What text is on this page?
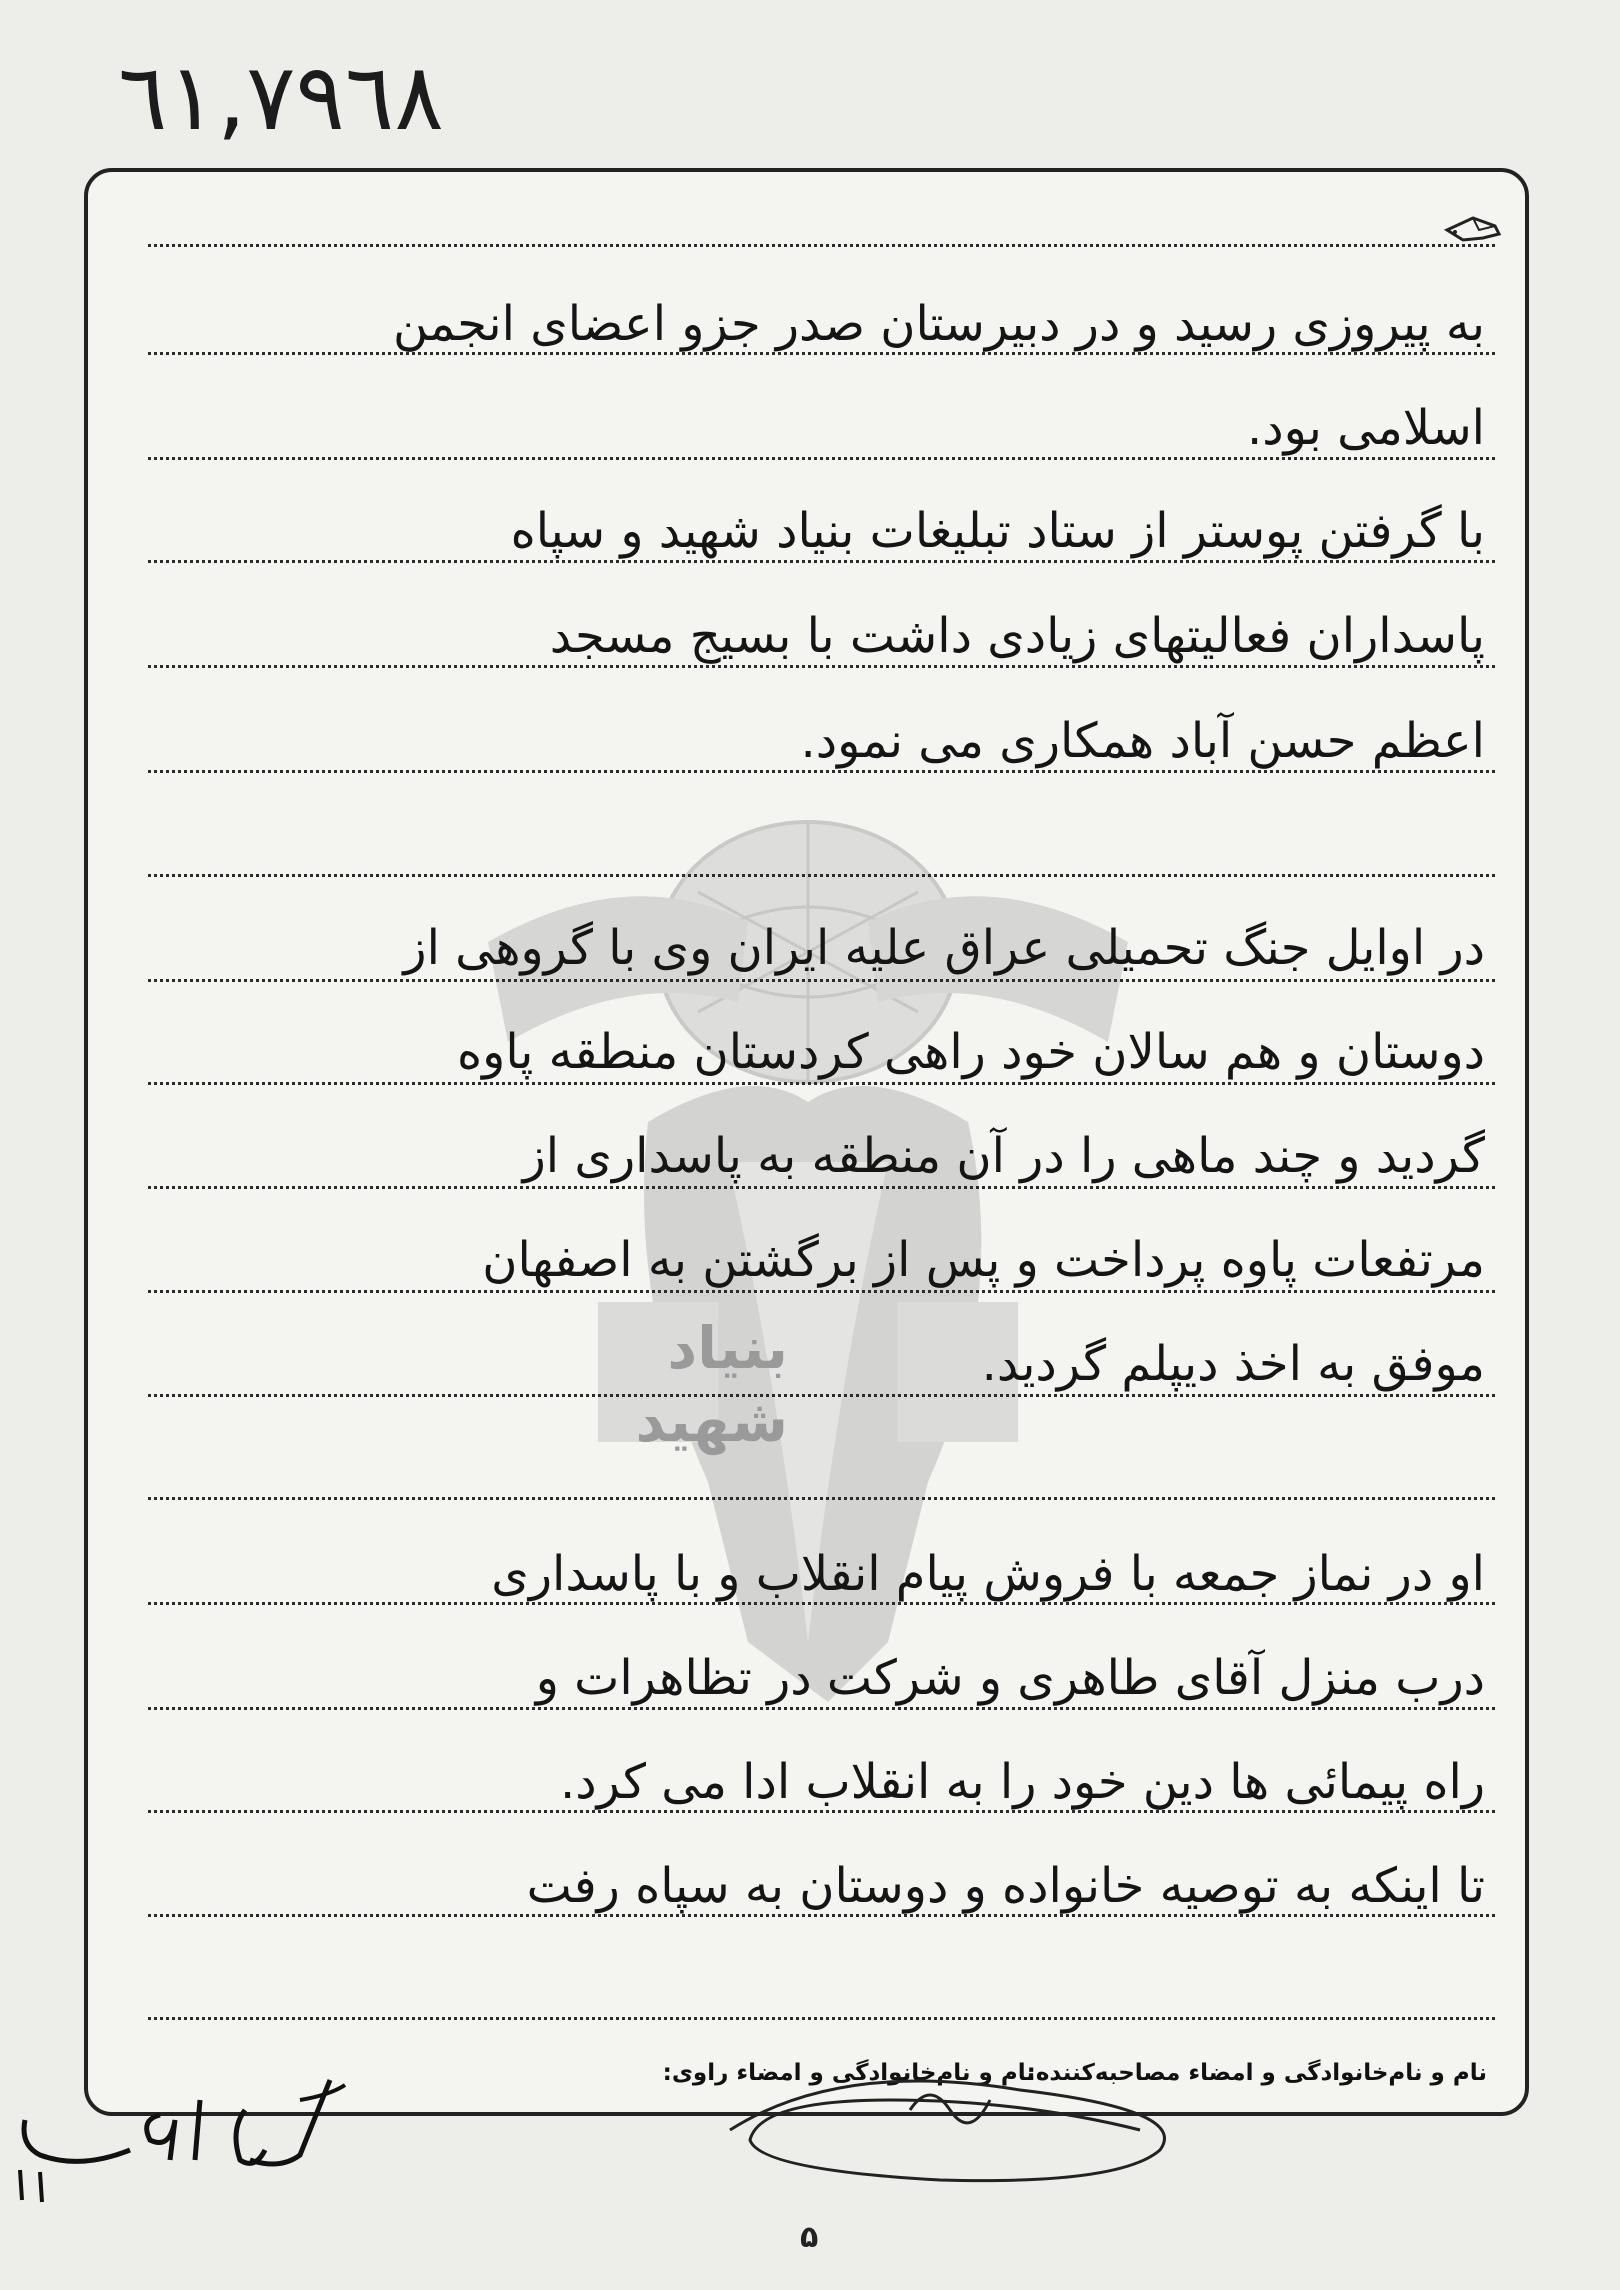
٦١,٧٩٦٨
بنیاد
شهید
به پیروزی رسید و در دبیرستان صدر جزو اعضای انجمن
اسلامی بود.
با گرفتن پوستر از ستاد تبلیغات بنیاد شهید و سپاه
پاسداران فعالیتهای زیادی داشت با بسیج مسجد
اعظم حسن آباد همکاری می نمود.
در اوایل جنگ تحمیلی عراق علیه ایران وی با گروهی از
دوستان و هم سالان خود راهی کردستان منطقه پاوه
گردید و چند ماهی را در آن منطقه به پاسداری از
مرتفعات پاوه پرداخت و پس از برگشتن به اصفهان
موفق به اخذ دیپلم گردید.
او در نماز جمعه با فروش پیام انقلاب و با پاسداری
درب منزل آقای طاهری و شرکت در تظاهرات و
راه پیمائی ها دین خود را به انقلاب ادا می کرد.
تا اینکه به توصیه خانواده و دوستان به سپاه رفت
نام و نام‌خانوادگی و امضاء مصاحبه‌کننده:
نام و نام‌خانوادگی و امضاء راوی:
۵
